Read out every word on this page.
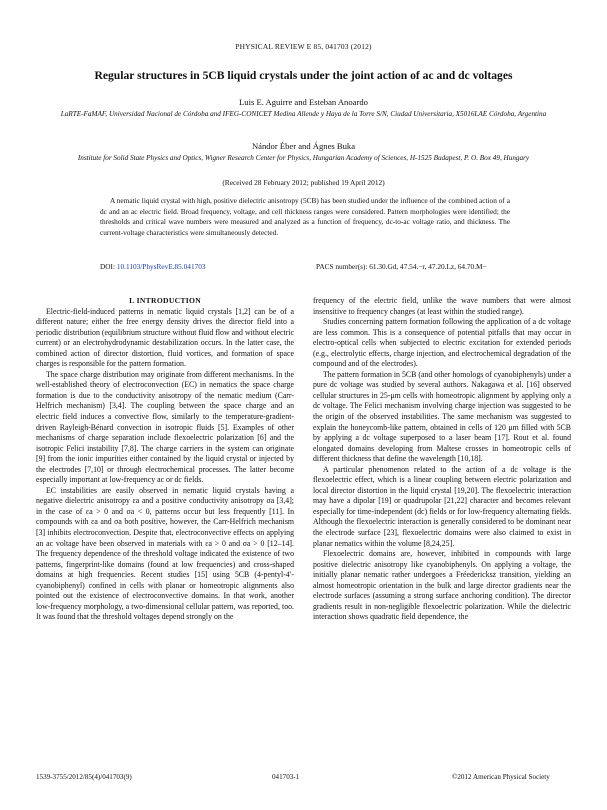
PHYSICAL REVIEW E 85, 041703 (2012)
Regular structures in 5CB liquid crystals under the joint action of ac and dc voltages
Luis E. Aguirre and Esteban Anoardo
LaRTE-FaMAF, Universidad Nacional de Córdoba and IFEG-CONICET Medina Allende y Haya de la Torre S/N, Ciudad Universitaria, X5016LAE Córdoba, Argentina
Nándor Éber and Ágnes Buka
Institute for Solid State Physics and Optics, Wigner Research Center for Physics, Hungarian Academy of Sciences, H-1525 Budapest, P. O. Box 49, Hungary
(Received 28 February 2012; published 19 April 2012)
A nematic liquid crystal with high, positive dielectric anisotropy (5CB) has been studied under the influence of the combined action of a dc and an ac electric field. Broad frequency, voltage, and cell thickness ranges were considered. Pattern morphologies were identified; the thresholds and critical wave numbers were measured and analyzed as a function of frequency, dc-to-ac voltage ratio, and thickness. The current-voltage characteristics were simultaneously detected.
DOI: 10.1103/PhysRevE.85.041703	PACS number(s): 61.30.Gd, 47.54.−r, 47.20.Lz, 64.70.M−

I. INTRODUCTION

Electric-field-induced patterns in nematic liquid crystals [1,2] can be of a different nature; either the free energy density drives the director field into a periodic distribution (equilibrium structure without fluid flow and without electric current) or an electrohydrodynamic destabilization occurs. In the latter case, the combined action of director distortion, fluid vortices, and formation of space charges is responsible for the pattern formation.

The space charge distribution may originate from different mechanisms. In the well-established theory of electroconvection (EC) in nematics the space charge formation is due to the conductivity anisotropy of the nematic medium (Carr-Helfrich mechanism) [3,4]. The coupling between the space charge and an electric field induces a convective flow, similarly to the temperature-gradient-driven Rayleigh-Bénard convection in isotropic fluids [5]. Examples of other mechanisms of charge separation include flexoelectric polarization [6] and the isotropic Felici instability [7,8]. The charge carriers in the system can originate [9] from the ionic impurities either contained by the liquid crystal or injected by the electrodes [7,10] or through electrochemical processes. The latter become especially important at low-frequency ac or dc fields.

EC instabilities are easily observed in nematic liquid crystals having a negative dielectric anisotropy εa and a positive conductivity anisotropy σa [3,4]; in the case of εa > 0 and σa < 0, patterns occur but less frequently [11]. In compounds with εa and σa both positive, however, the Carr-Helfrich mechanism [3] inhibits electroconvection. Despite that, electroconvective effects on applying an ac voltage have been observed in materials with εa > 0 and σa > 0 [12–14]. The frequency dependence of the threshold voltage indicated the existence of two patterns, fingerprint-like domains (found at low frequencies) and cross-shaped domains at high frequencies. Recent studies [15] using 5CB (4-pentyl-4′-cyanobiphenyl) confined in cells with planar or homeotropic alignments also pointed out the existence of electroconvective domains. In that work, another low-frequency morphology, a two-dimensional cellular pattern, was reported, too. It was found that the threshold voltages depend strongly on the

frequency of the electric field, unlike the wave numbers that were almost insensitive to frequency changes (at least within the studied range).

Studies concerning pattern formation following the application of a dc voltage are less common. This is a consequence of potential pitfalls that may occur in electro-optical cells when subjected to electric excitation for extended periods (e.g., electrolytic effects, charge injection, and electrochemical degradation of the compound and of the electrodes).

The pattern formation in 5CB (and other homologs of cyanobiphenyls) under a pure dc voltage was studied by several authors. Nakagawa et al. [16] observed cellular structures in 25-μm cells with homeotropic alignment by applying only a dc voltage. The Felici mechanism involving charge injection was suggested to be the origin of the observed instabilities. The same mechanism was suggested to explain the honeycomb-like pattern, obtained in cells of 120 μm filled with 5CB by applying a dc voltage superposed to a laser beam [17]. Rout et al. found elongated domains developing from Maltese crosses in homeotropic cells of different thickness that define the wavelength [10,18].

A particular phenomenon related to the action of a dc voltage is the flexoelectric effect, which is a linear coupling between electric polarization and local director distortion in the liquid crystal [19,20]. The flexoelectric interaction may have a dipolar [19] or quadrupolar [21,22] character and becomes relevant especially for time-independent (dc) fields or for low-frequency alternating fields. Although the flexoelectric interaction is generally considered to be dominant near the electrode surface [23], flexoelectric domains were also claimed to exist in planar nematics within the volume [8,24,25].

Flexoelectric domains are, however, inhibited in compounds with large positive dielectric anisotropy like cyanobiphenyls. On applying a voltage, the initially planar nematic rather undergoes a Fréedericksz transition, yielding an almost homeotropic orientation in the bulk and large director gradients near the electrode surfaces (assuming a strong surface anchoring condition). The director gradients result in non-negligible flexoelectric polarization. While the dielectric interaction shows quadratic field dependence, the

1539-3755/2012/85(4)/041703(9)	041703-1	©2012 American Physical Society
